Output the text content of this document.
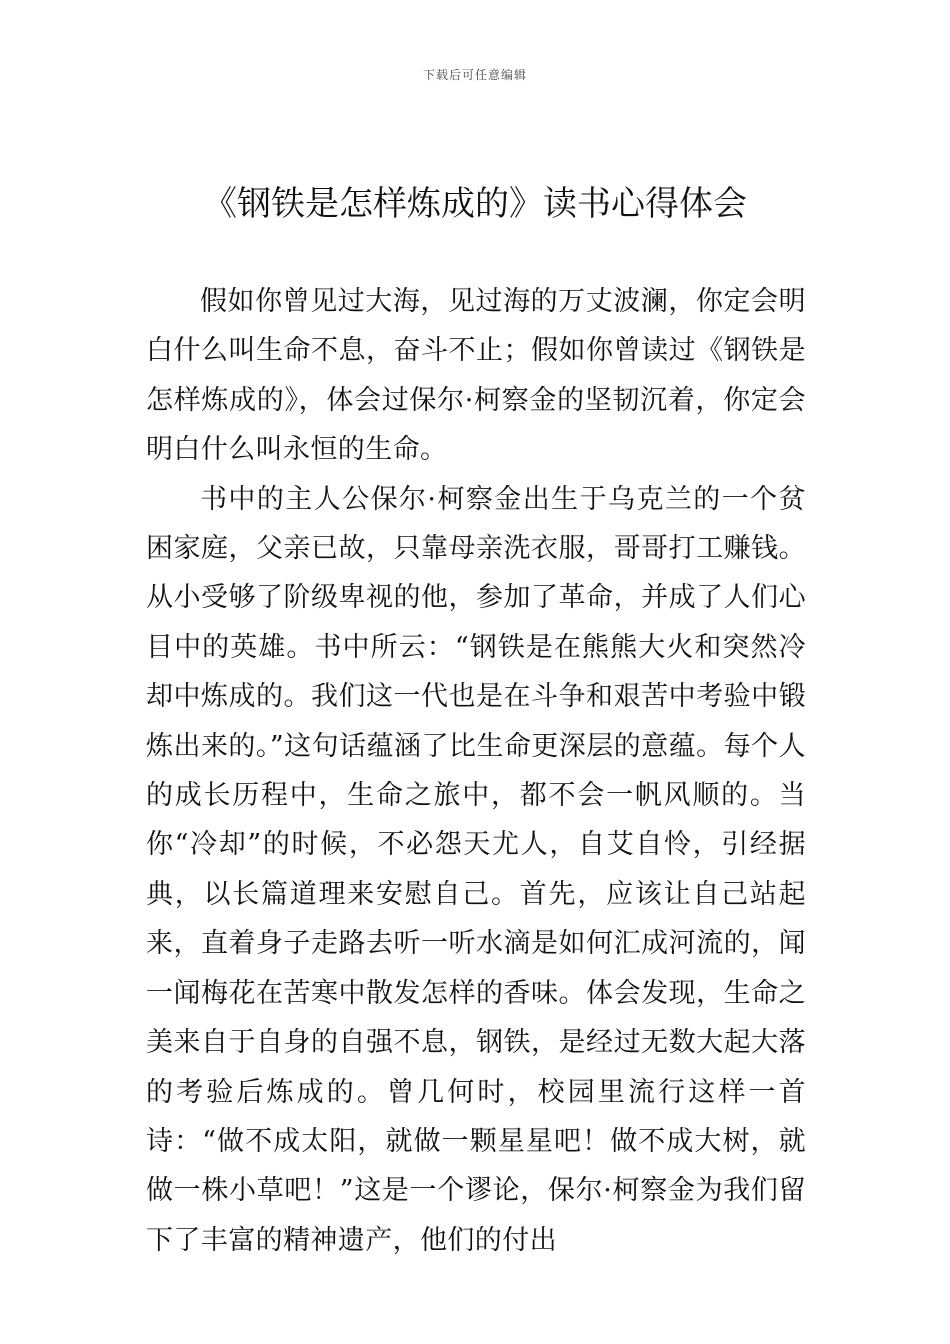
下载后可任意编辑
《钢铁是怎样炼成的》读书心得体会

假如你曾见过大海，见过海的万丈波澜，你定会明白什么叫生命不息，奋斗不止；假如你曾读过《钢铁是怎样炼成的》，体会过保尔·柯察金的坚韧沉着，你定会明白什么叫永恒的生命。

书中的主人公保尔·柯察金出生于乌克兰的一个贫困家庭，父亲已故，只靠母亲洗衣服，哥哥打工赚钱。从小受够了阶级卑视的他，参加了革命，并成了人们心目中的英雄。书中所云：“钢铁是在熊熊大火和突然冷却中炼成的。我们这一代也是在斗争和艰苦中考验中锻炼出来的。”这句话蕴涵了比生命更深层的意蕴。每个人的成长历程中，生命之旅中，都不会一帆风顺的。当你“冷却”的时候，不必怨天尤人，自艾自怜，引经据典，以长篇道理来安慰自己。首先，应该让自己站起来，直着身子走路去听一听水滴是如何汇成河流的，闻一闻梅花在苦寒中散发怎样的香味。体会发现，生命之美来自于自身的自强不息，钢铁，是经过无数大起大落的考验后炼成的。曾几何时，校园里流行这样一首诗：“做不成太阳，就做一颗星星吧！做不成大树，就做一株小草吧！”这是一个谬论，保尔·柯察金为我们留下了丰富的精神遗产，他们的付出
